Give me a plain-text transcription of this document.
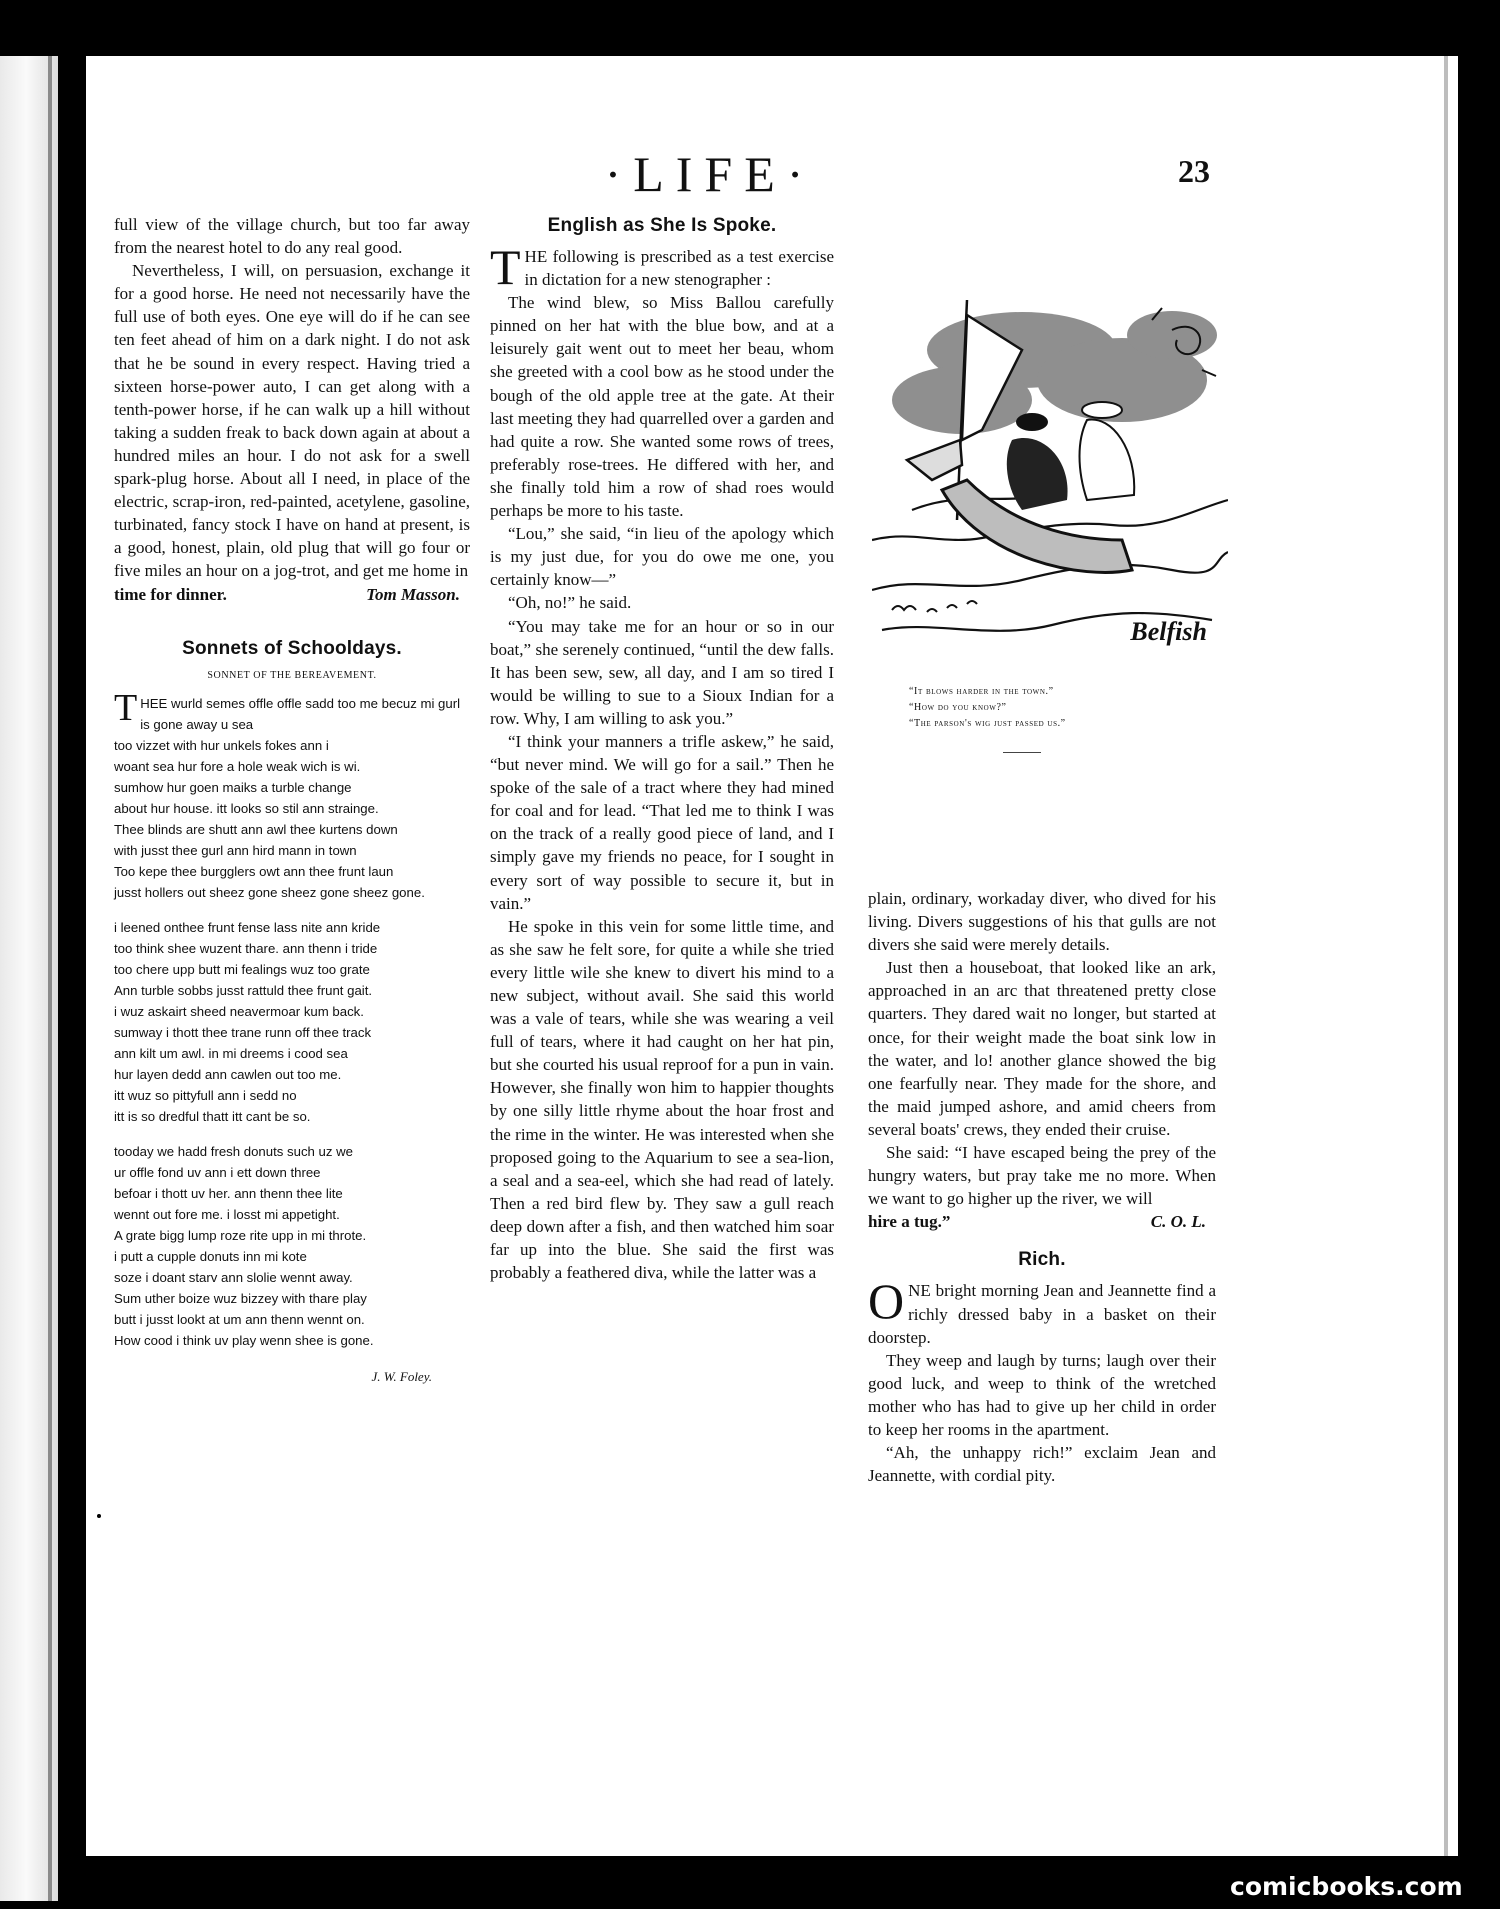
·LIFE·	23

full view of the village church, but too far away from the nearest hotel to do any real good.

Nevertheless, I will, on persuasion, exchange it for a good horse. He need not necessarily have the full use of both eyes. One eye will do if he can see ten feet ahead of him on a dark night. I do not ask that he be sound in every respect. Having tried a sixteen horse-power auto, I can get along with a tenth-power horse, if he can walk up a hill without taking a sudden freak to back down again at about a hundred miles an hour. I do not ask for a swell spark-plug horse. About all I need, in place of the electric, scrap-iron, red-painted, acetylene, gasoline, turbinated, fancy stock I have on hand at present, is a good, honest, plain, old plug that will go four or five miles an hour on a jog-trot, and get me home in

time for dinner.	Tom Masson.
Sonnets of Schooldays.
SONNET OF THE BEREAVEMENT.
THEE wurld semes offle offle sadd too me becuz mi gurl is gone away u sea
too vizzet with hur unkels fokes ann i
woant sea hur fore a hole weak wich is wi.
sumhow hur goen maiks a turble change
about hur house. itt looks so stil ann strainge.
Thee blinds are shutt ann awl thee kurtens down
with jusst thee gurl ann hird mann in town
Too kepe thee burgglers owt ann thee frunt laun
jusst hollers out sheez gone sheez gone sheez gone.
i leened onthee frunt fense lass nite ann kride
too think shee wuzent thare. ann thenn i tride
too chere upp butt mi fealings wuz too grate
Ann turble sobbs jusst rattuld thee frunt gait.
i wuz askairt sheed neavermoar kum back.
sumway i thott thee trane runn off thee track
ann kilt um awl. in mi dreems i cood sea
hur layen dedd ann cawlen out too me.
itt wuz so pittyfull ann i sedd no
itt is so dredful thatt itt cant be so.
tooday we hadd fresh donuts such uz we
ur offle fond uv ann i ett down three
befoar i thott uv her. ann thenn thee lite
wennt out fore me. i losst mi appetight.
A grate bigg lump roze rite upp in mi throte.
i putt a cupple donuts inn mi kote
soze i doant starv ann slolie wennt away.
Sum uther boize wuz bizzey with thare play
butt i jusst lookt at um ann thenn wennt on.
How cood i think uv play wenn shee is gone.
J. W. Foley.
English as She Is Spoke.

THE following is prescribed as a test exercise in dictation for a new stenographer :

The wind blew, so Miss Ballou carefully pinned on her hat with the blue bow, and at a leisurely gait went out to meet her beau, whom she greeted with a cool bow as he stood under the bough of the old apple tree at the gate. At their last meeting they had quarrelled over a garden and had quite a row. She wanted some rows of trees, preferably rose-trees. He differed with her, and she finally told him a row of shad roes would perhaps be more to his taste.

“Lou,” she said, “in lieu of the apology which is my just due, for you do owe me one, you certainly know—”

“Oh, no!” he said.

“You may take me for an hour or so in our boat,” she serenely continued, “until the dew falls. It has been sew, sew, all day, and I am so tired I would be willing to sue to a Sioux Indian for a row. Why, I am willing to ask you.”

“I think your manners a trifle askew,” he said, “but never mind. We will go for a sail.” Then he spoke of the sale of a tract where they had mined for coal and for lead. “That led me to think I was on the track of a really good piece of land, and I simply gave my friends no peace, for I sought in every sort of way possible to secure it, but in vain.”

He spoke in this vein for some little time, and as she saw he felt sore, for quite a while she tried every little wile she knew to divert his mind to a new subject, without avail. She said this world was a vale of tears, while she was wearing a veil full of tears, where it had caught on her hat pin, but she courted his usual reproof for a pun in vain. However, she finally won him to happier thoughts by one silly little rhyme about the hoar frost and the rime in the winter. He was interested when she proposed going to the Aquarium to see a sea-lion, a seal and a sea-eel, which she had read of lately. Then a red bird flew by. They saw a gull reach deep down after a fish, and then watched him soar far up into the blue. She said the first was probably a feathered diva, while the latter was a

Belfish
“It blows harder in the town.”
“How do you know?”
“The parson's wig just passed us.”

plain, ordinary, workaday diver, who dived for his living. Divers suggestions of his that gulls are not divers she said were merely details.

Just then a houseboat, that looked like an ark, approached in an arc that threatened pretty close quarters. They dared wait no longer, but started at once, for their weight made the boat sink low in the water, and lo! another glance showed the big one fearfully near. They made for the shore, and the maid jumped ashore, and amid cheers from several boats' crews, they ended their cruise.

She said: “I have escaped being the prey of the hungry waters, but pray take me no more. When we want to go higher up the river, we will

hire a tug.”	C. O. L.
Rich.

ONE bright morning Jean and Jeannette find a richly dressed baby in a basket on their doorstep.

They weep and laugh by turns; laugh over their good luck, and weep to think of the wretched mother who has had to give up her child in order to keep her rooms in the apartment.

“Ah, the unhappy rich!” exclaim Jean and Jeannette, with cordial pity.

comicbooks.com
